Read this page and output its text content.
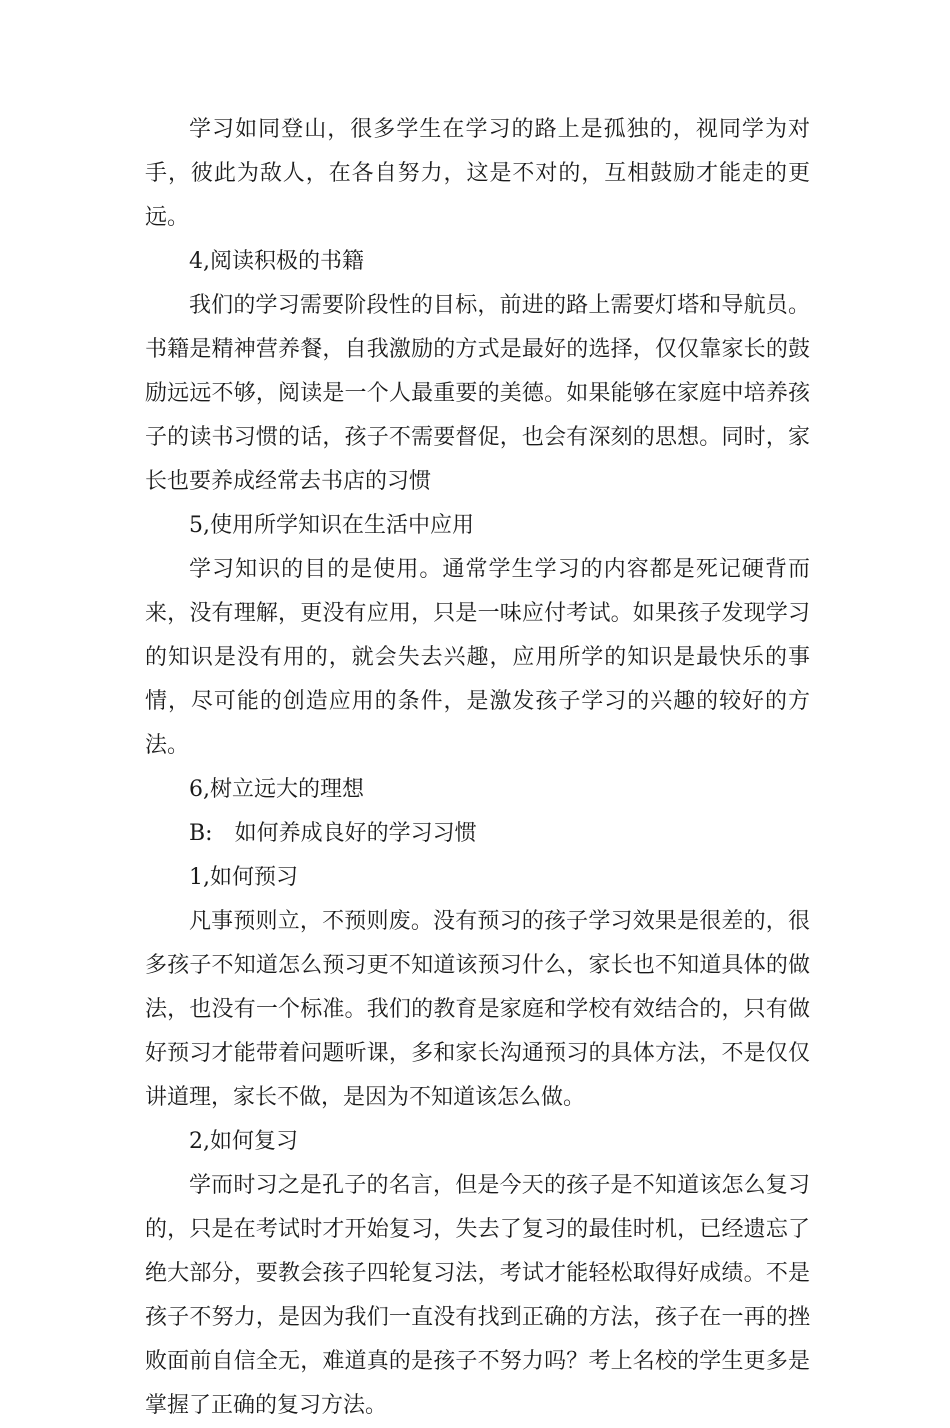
学习如同登山，很多学生在学习的路上是孤独的，视同学为对手，彼此为敌人，在各自努力，这是不对的，互相鼓励才能走的更远。

4,阅读积极的书籍

我们的学习需要阶段性的目标，前进的路上需要灯塔和导航员。书籍是精神营养餐，自我激励的方式是最好的选择，仅仅靠家长的鼓励远远不够，阅读是一个人最重要的美德。如果能够在家庭中培养孩子的读书习惯的话，孩子不需要督促，也会有深刻的思想。同时，家长也要养成经常去书店的习惯

5,使用所学知识在生活中应用

学习知识的目的是使用。通常学生学习的内容都是死记硬背而来，没有理解，更没有应用，只是一味应付考试。如果孩子发现学习的知识是没有用的，就会失去兴趣，应用所学的知识是最快乐的事情，尽可能的创造应用的条件，是激发孩子学习的兴趣的较好的方法。

6,树立远大的理想

B:　如何养成良好的学习习惯

1,如何预习

凡事预则立，不预则废。没有预习的孩子学习效果是很差的，很多孩子不知道怎么预习更不知道该预习什么，家长也不知道具体的做法，也没有一个标准。我们的教育是家庭和学校有效结合的，只有做好预习才能带着问题听课，多和家长沟通预习的具体方法，不是仅仅讲道理，家长不做，是因为不知道该怎么做。

2,如何复习

学而时习之是孔子的名言，但是今天的孩子是不知道该怎么复习的，只是在考试时才开始复习，失去了复习的最佳时机，已经遗忘了绝大部分，要教会孩子四轮复习法，考试才能轻松取得好成绩。不是孩子不努力，是因为我们一直没有找到正确的方法，孩子在一再的挫败面前自信全无，难道真的是孩子不努力吗？考上名校的学生更多是掌握了正确的复习方法。
